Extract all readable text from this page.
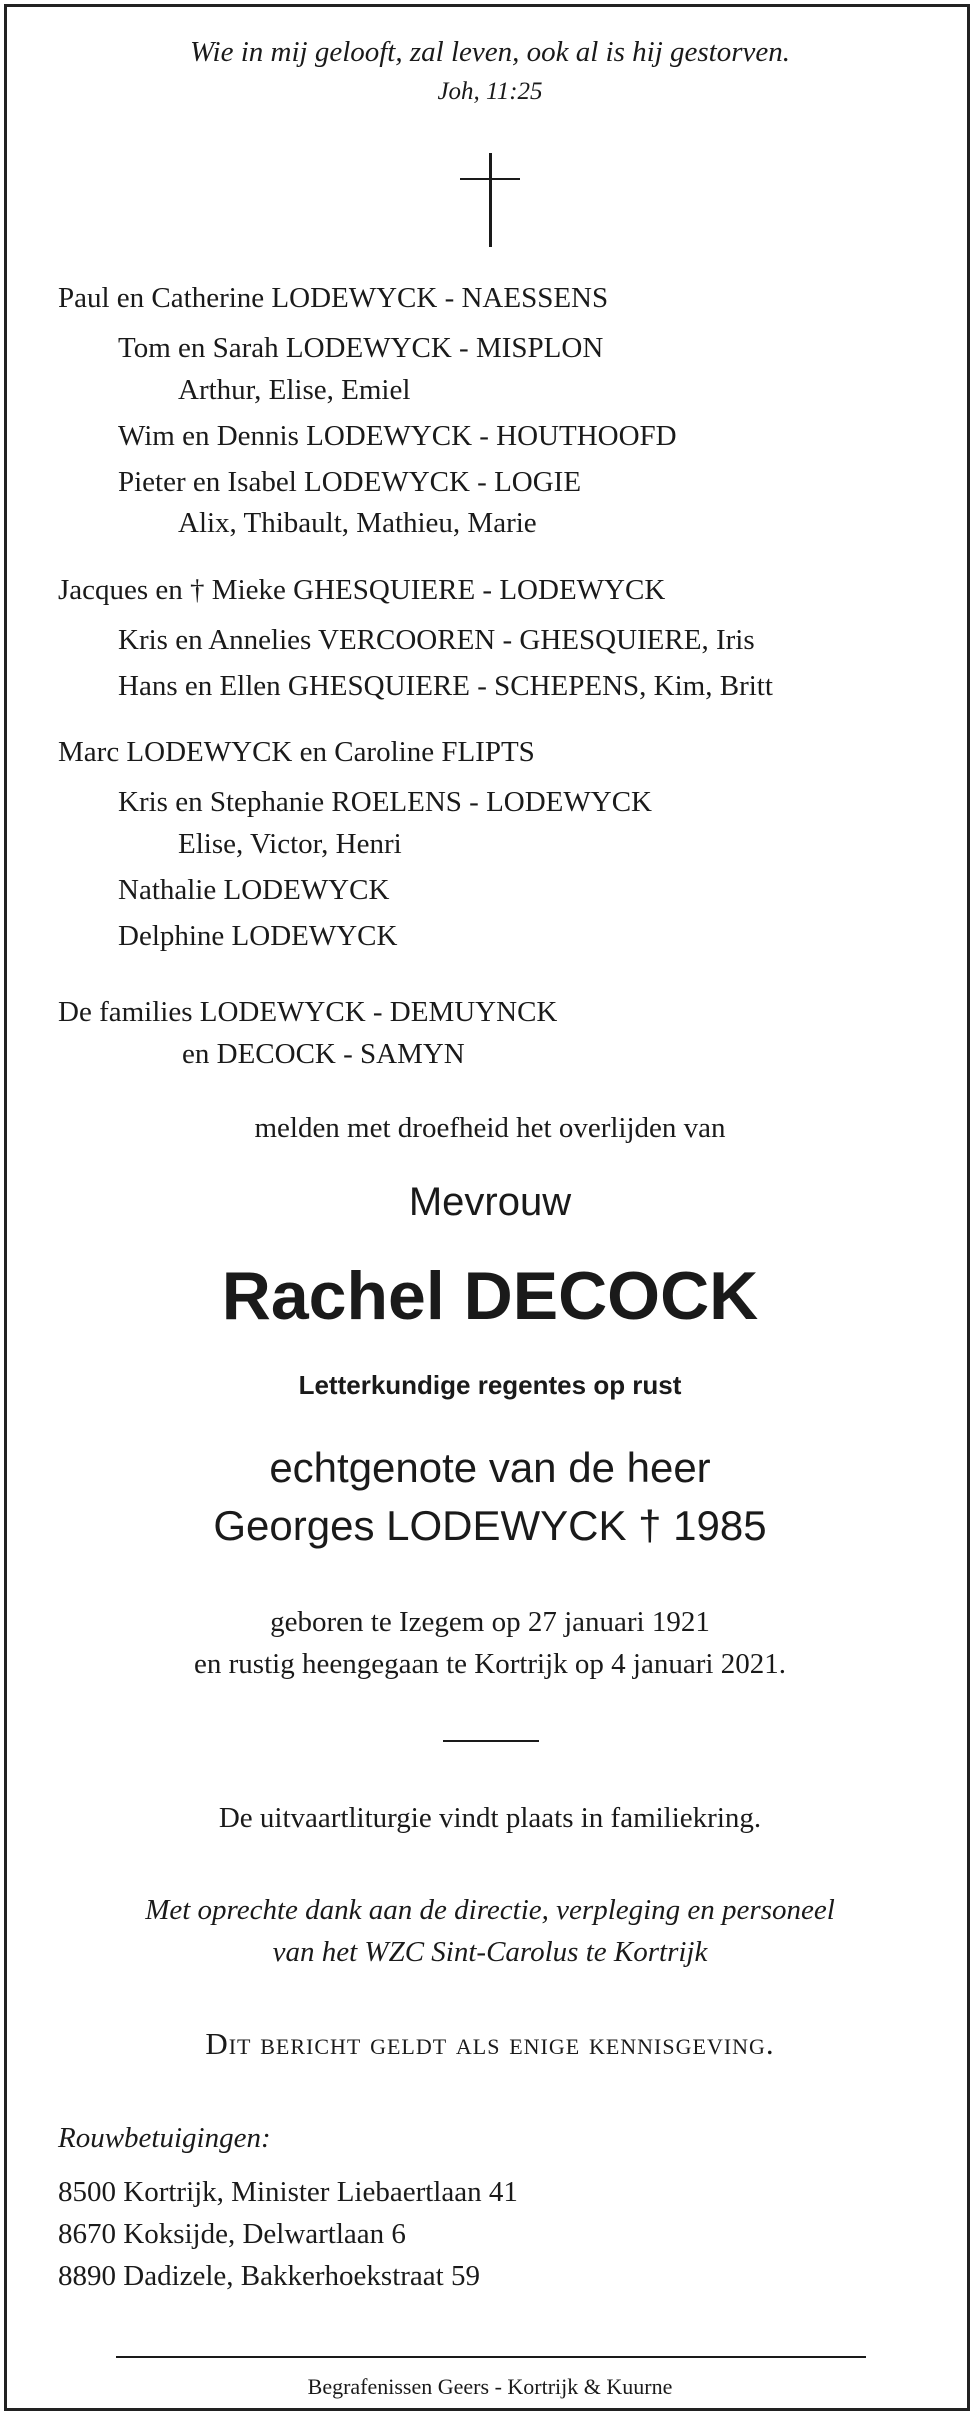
Wie in mij gelooft, zal leven, ook al is hij gestorven.
Joh, 11:25
Paul en Catherine LODEWYCK - NAESSENS
Tom en Sarah LODEWYCK - MISPLON
Arthur, Elise, Emiel
Wim en Dennis LODEWYCK - HOUTHOOFD
Pieter en Isabel LODEWYCK - LOGIE
Alix, Thibault, Mathieu, Marie
Jacques en † Mieke GHESQUIERE - LODEWYCK
Kris en Annelies VERCOOREN - GHESQUIERE, Iris
Hans en Ellen GHESQUIERE - SCHEPENS, Kim, Britt
Marc LODEWYCK en Caroline FLIPTS
Kris en Stephanie ROELENS - LODEWYCK
Elise, Victor, Henri
Nathalie LODEWYCK
Delphine LODEWYCK
De families LODEWYCK - DEMUYNCK
en DECOCK - SAMYN
melden met droefheid het overlijden van
Mevrouw
Rachel DECOCK
Letterkundige regentes op rust
echtgenote van de heer
Georges LODEWYCK † 1985
geboren te Izegem op 27 januari 1921
en rustig heengegaan te Kortrijk op 4 januari 2021.
De uitvaartliturgie vindt plaats in familiekring.
Met oprechte dank aan de directie, verpleging en personeel
van het WZC Sint-Carolus te Kortrijk
Dit bericht geldt als enige kennisgeving.
Rouwbetuigingen:
8500 Kortrijk, Minister Liebaertlaan 41
8670 Koksijde, Delwartlaan 6
8890 Dadizele, Bakkerhoekstraat 59
Begrafenissen Geers - Kortrijk & Kuurne
